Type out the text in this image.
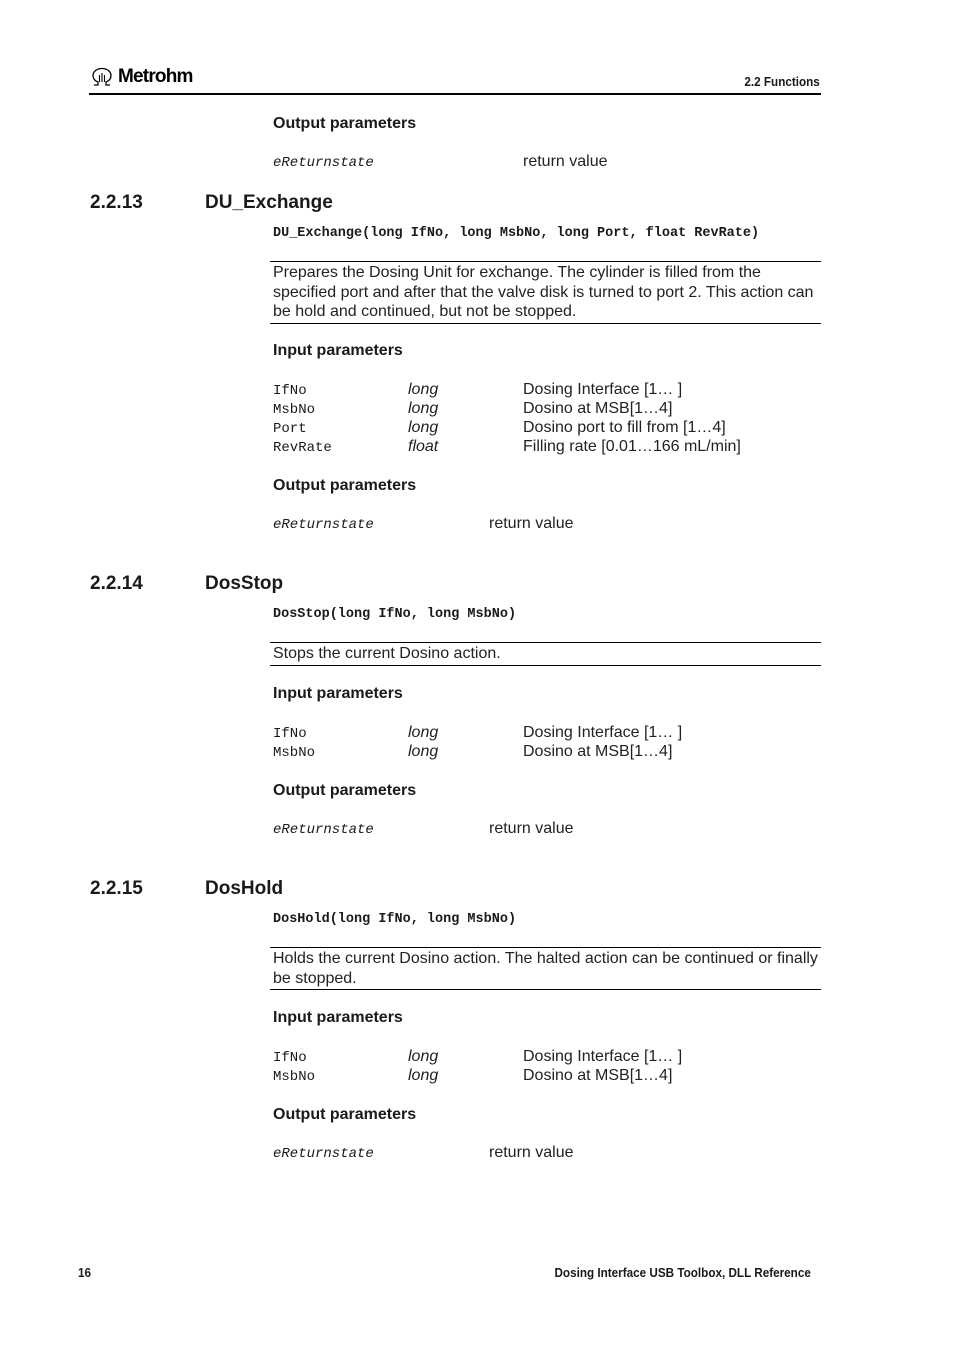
Metrohm	2.2 Functions
Output parameters
eReturnstate	return value
2.2.13	DU_Exchange
DU_Exchange(long IfNo, long MsbNo, long Port, float RevRate)
Prepares the Dosing Unit for exchange. The cylinder is filled from the specified port and after that the valve disk is turned to port 2. This action can be hold and continued, but not be stopped.
Input parameters
IfNo	long	Dosing Interface [1… ]
MsbNo	long	Dosino at MSB[1…4]
Port	long	Dosino port to fill from [1…4]
RevRate	float	Filling rate [0.01…166 mL/min]
Output parameters
eReturnstate	return value
2.2.14	DosStop
DosStop(long IfNo, long MsbNo)
Stops the current Dosino action.
Input parameters
IfNo	long	Dosing Interface [1… ]
MsbNo	long	Dosino at MSB[1…4]
Output parameters
eReturnstate	return value
2.2.15	DosHold
DosHold(long IfNo, long MsbNo)
Holds the current Dosino action. The halted action can be continued or finally be stopped.
Input parameters
IfNo	long	Dosing Interface [1… ]
MsbNo	long	Dosino at MSB[1…4]
Output parameters
eReturnstate	return value
16	Dosing Interface USB Toolbox, DLL Reference
